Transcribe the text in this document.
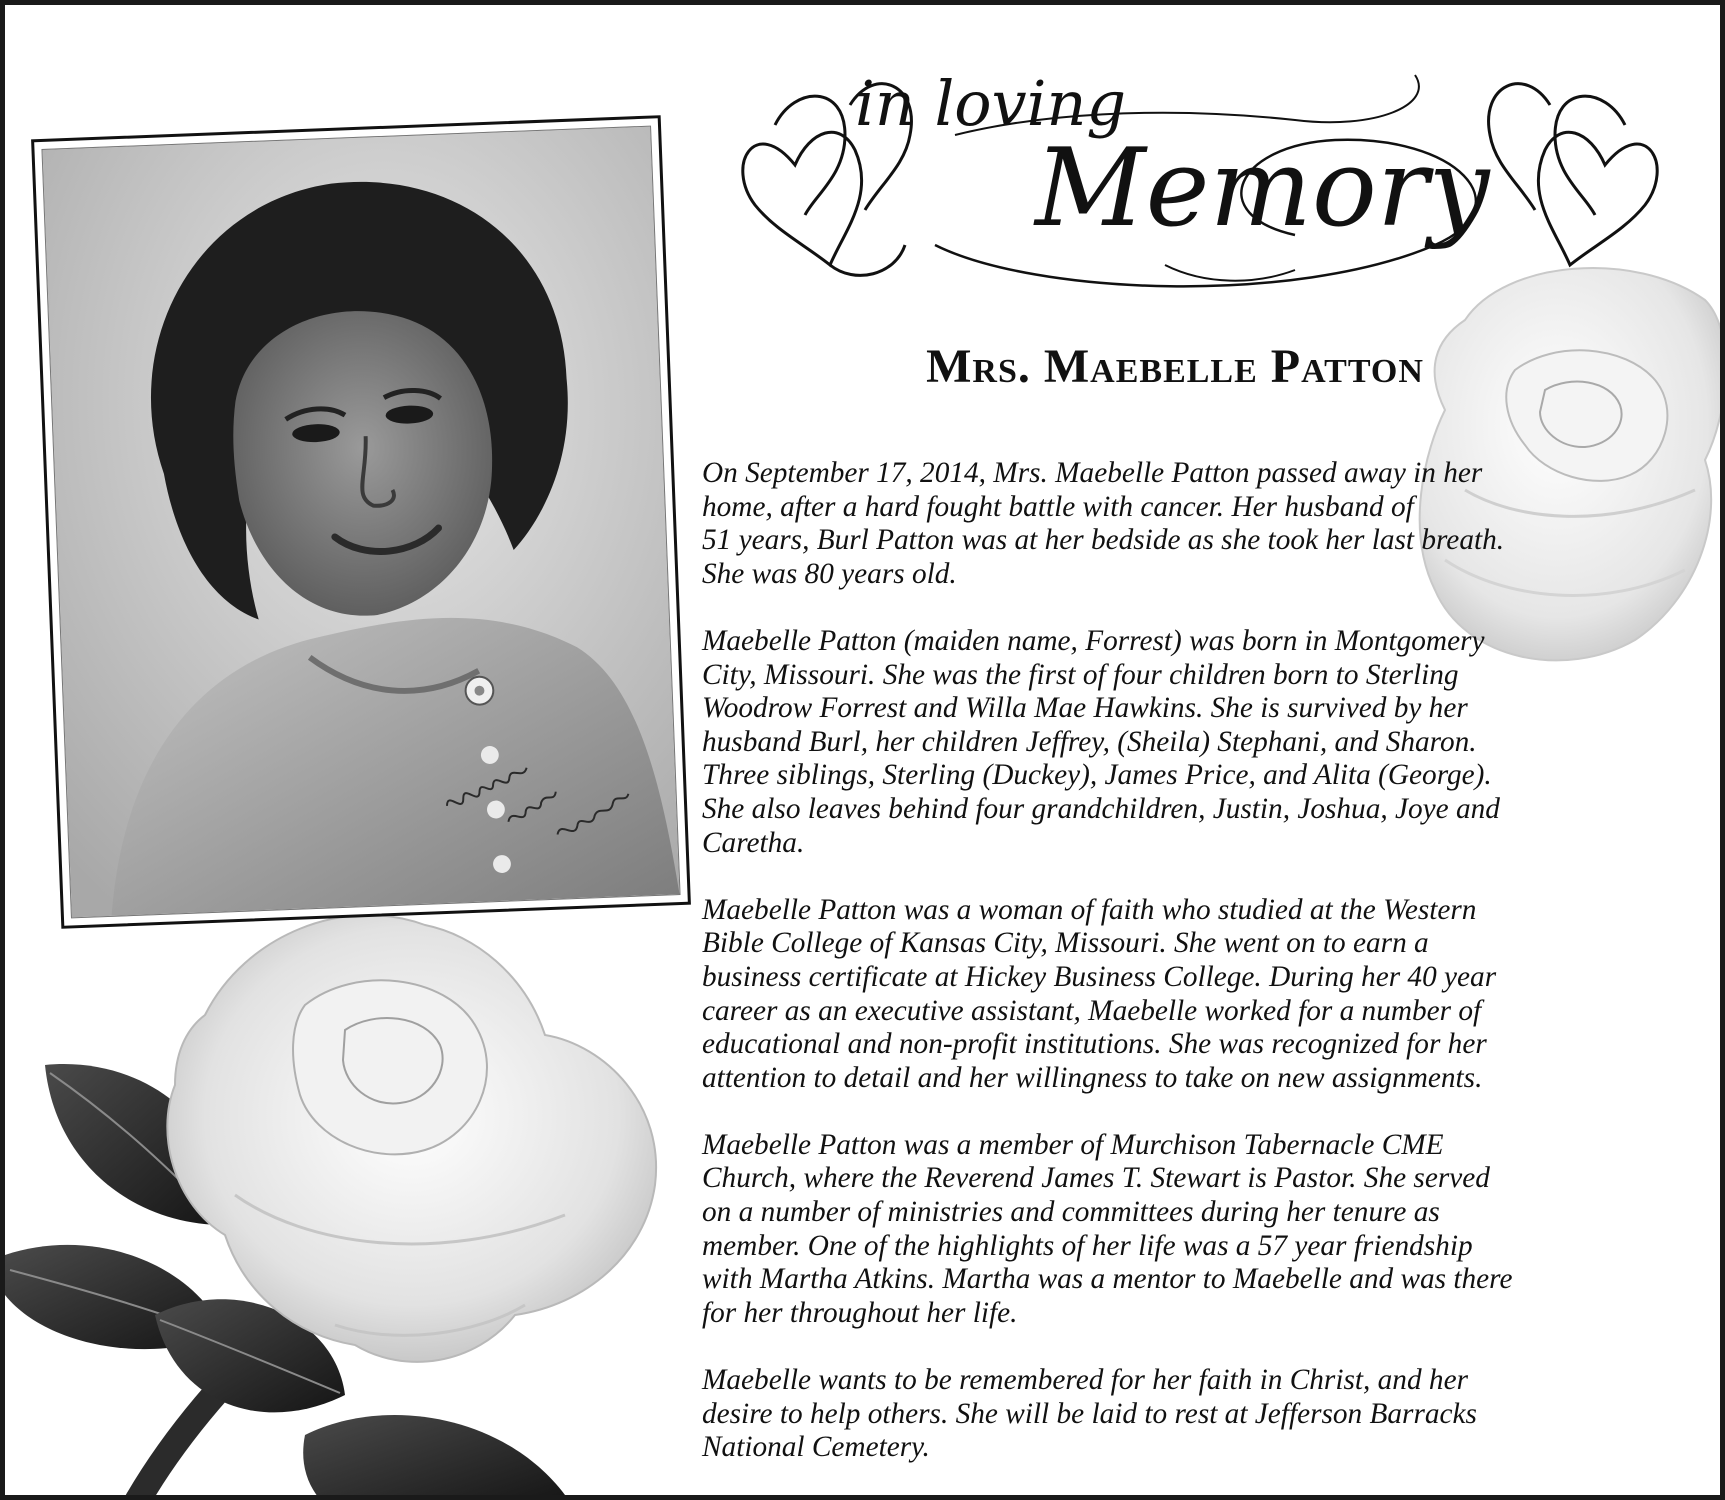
in loving
Memory
Mrs. Maebelle Patton

On September 17, 2014, Mrs. Maebelle Patton passed away in her
home, after a hard fought battle with cancer. Her husband of
51 years, Burl Patton was at her bedside as she took her last breath.
She was 80 years old.

Maebelle Patton (maiden name, Forrest) was born in Montgomery
City, Missouri. She was the first of four children born to Sterling
Woodrow Forrest and Willa Mae Hawkins. She is survived by her
husband Burl, her children Jeffrey, (Sheila) Stephani, and Sharon.
Three siblings, Sterling (Duckey), James Price, and Alita (George).
She also leaves behind four grandchildren, Justin, Joshua, Joye and
Caretha.

Maebelle Patton was a woman of faith who studied at the Western
Bible College of Kansas City, Missouri. She went on to earn a
business certificate at Hickey Business College. During her 40 year
career as an executive assistant, Maebelle worked for a number of
educational and non-profit institutions. She was recognized for her
attention to detail and her willingness to take on new assignments.

Maebelle Patton was a member of Murchison Tabernacle CME
Church, where the Reverend James T. Stewart is Pastor. She served
on a number of ministries and committees during her tenure as
member. One of the highlights of her life was a 57 year friendship
with Martha Atkins. Martha was a mentor to Maebelle and was there
for her throughout her life.

Maebelle wants to be remembered for her faith in Christ, and her
desire to help others. She will be laid to rest at Jefferson Barracks
National Cemetery.
